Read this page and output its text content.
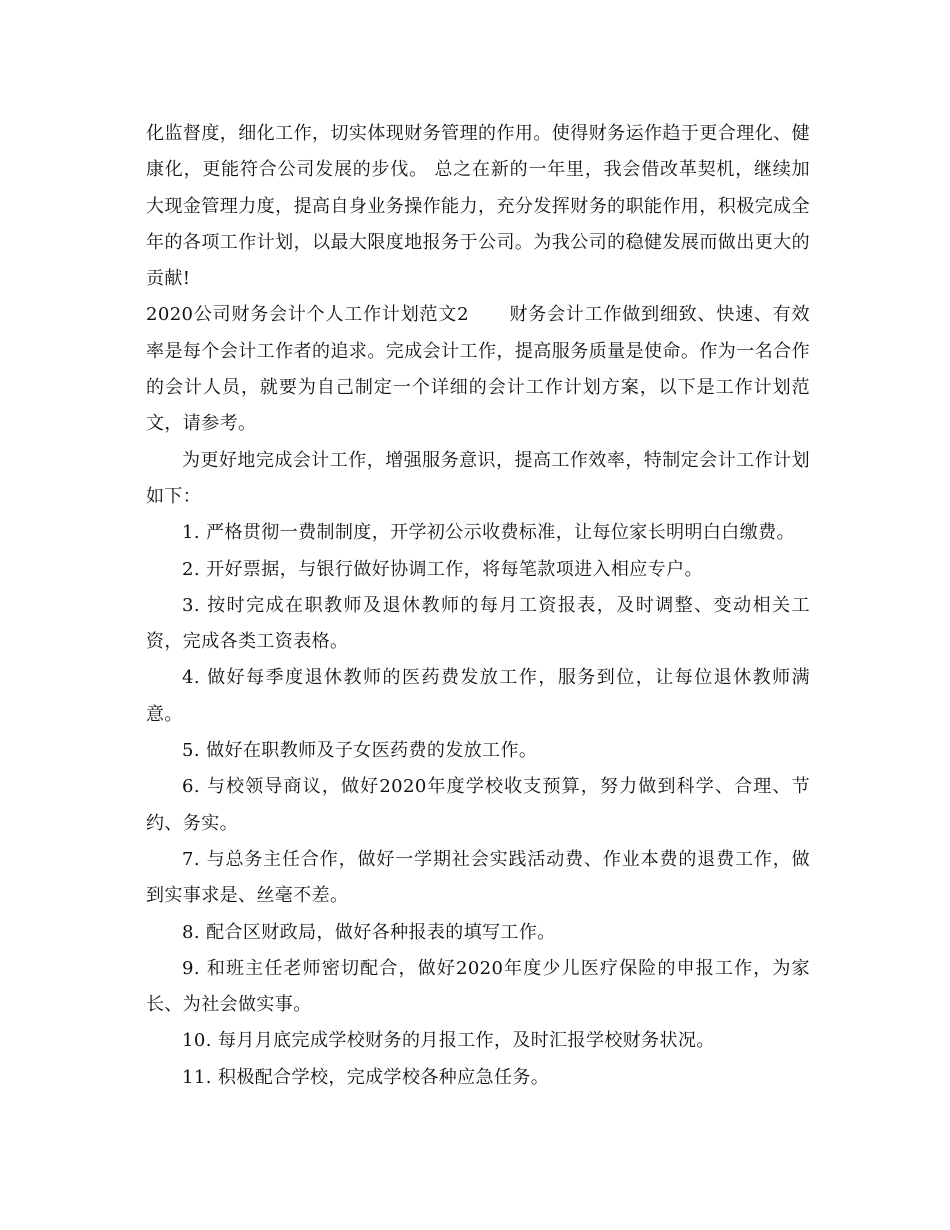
化监督度，细化工作，切实体现财务管理的作用。使得财务运作趋于更合理化、健康化，更能符合公司发展的步伐。 总之在新的一年里，我会借改革契机，继续加大现金管理力度，提高自身业务操作能力，充分发挥财务的职能作用，积极完成全年的各项工作计划，以最大限度地报务于公司。为我公司的稳健发展而做出更大的贡献!

2020公司财务会计个人工作计划范文2 财务会计工作做到细致、快速、有效率是每个会计工作者的追求。完成会计工作，提高服务质量是使命。作为一名合作的会计人员，就要为自己制定一个详细的会计工作计划方案，以下是工作计划范文，请参考。

为更好地完成会计工作，增强服务意识，提高工作效率，特制定会计工作计划如下：

1. 严格贯彻一费制制度，开学初公示收费标准，让每位家长明明白白缴费。

2. 开好票据，与银行做好协调工作，将每笔款项进入相应专户。

3. 按时完成在职教师及退休教师的每月工资报表，及时调整、变动相关工资，完成各类工资表格。

4. 做好每季度退休教师的医药费发放工作，服务到位，让每位退休教师满意。

5. 做好在职教师及子女医药费的发放工作。

6. 与校领导商议，做好2020年度学校收支预算，努力做到科学、合理、节约、务实。

7. 与总务主任合作，做好一学期社会实践活动费、作业本费的退费工作，做到实事求是、丝毫不差。

8. 配合区财政局，做好各种报表的填写工作。

9. 和班主任老师密切配合，做好2020年度少儿医疗保险的申报工作，为家长、为社会做实事。

10. 每月月底完成学校财务的月报工作，及时汇报学校财务状况。

11. 积极配合学校，完成学校各种应急任务。
